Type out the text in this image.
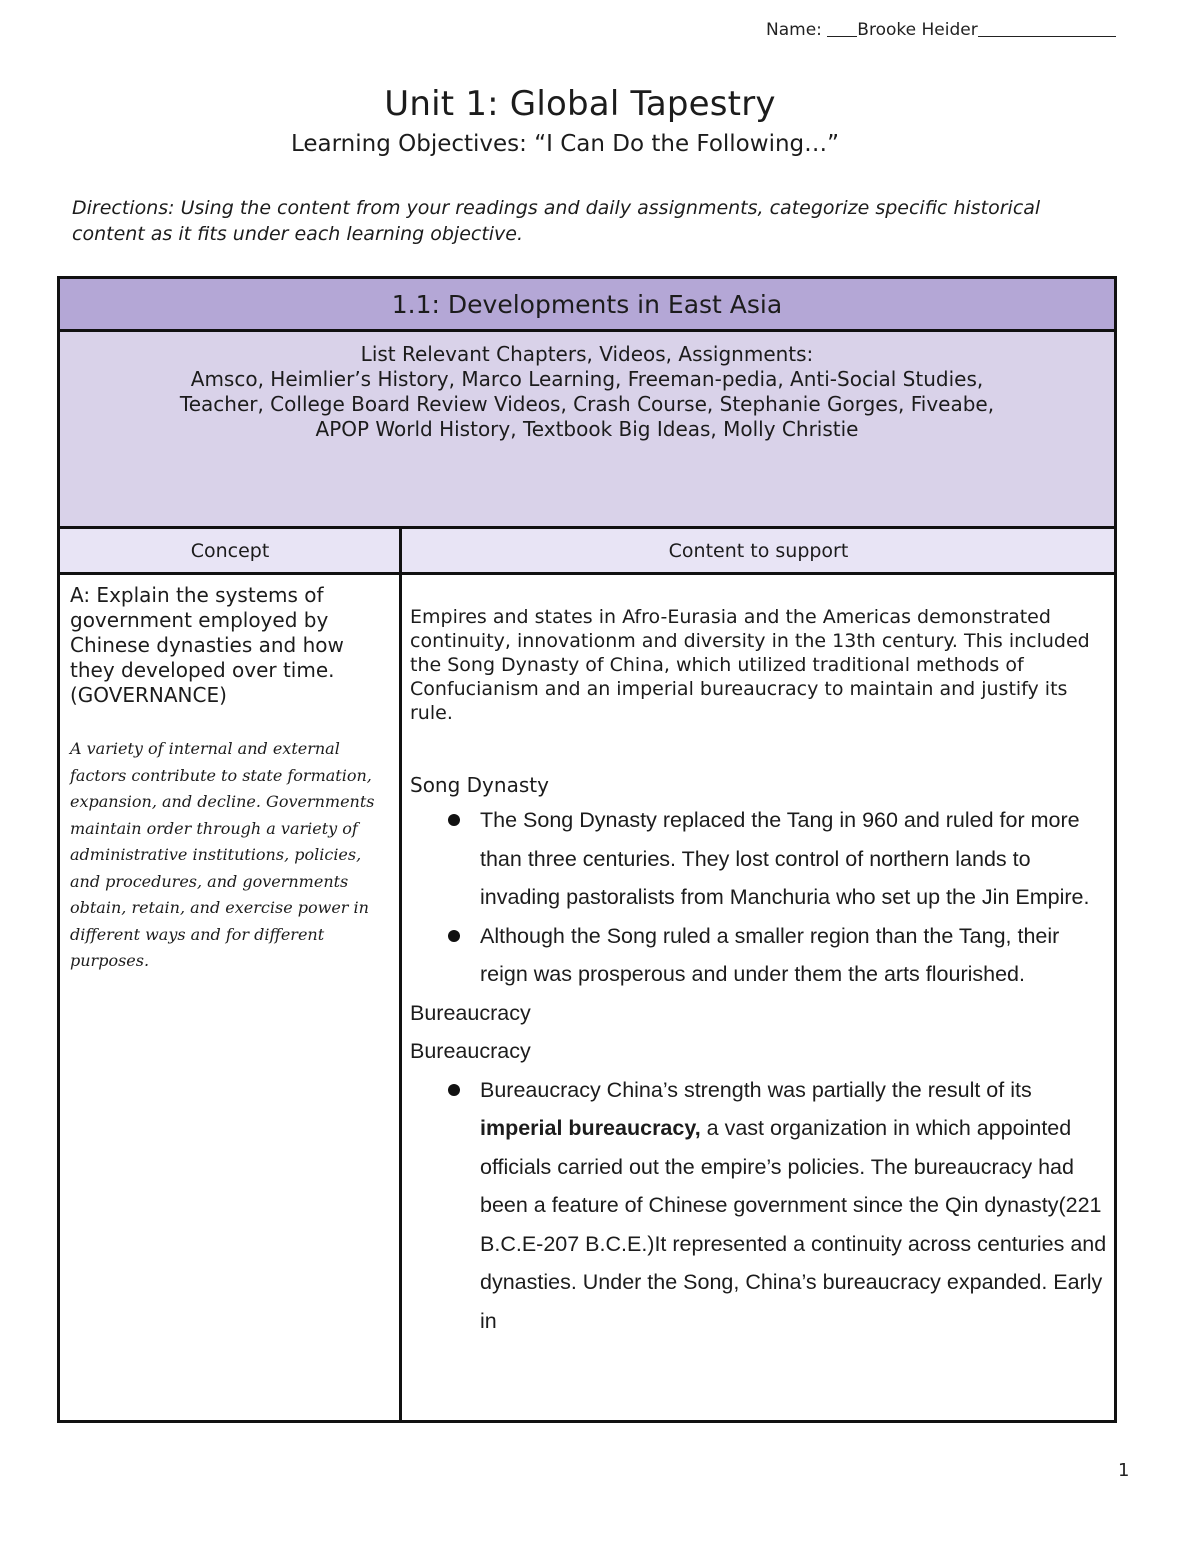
Name: Brooke Heider
Unit 1: Global Tapestry
Learning Objectives: “I Can Do the Following…”
Directions: Using the content from your readings and daily assignments, categorize specific historical content as it fits under each learning objective.
1.1: Developments in East Asia
List Relevant Chapters, Videos, Assignments:
Amsco, Heimlier’s History, Marco Learning, Freeman-pedia, Anti-Social Studies,
Teacher, College Board Review Videos, Crash Course, Stephanie Gorges, Fiveabe,
APOP World History, Textbook Big Ideas, Molly Christie
Concept	Content to support
A: Explain the systems of government employed by Chinese dynasties and how they developed over time. (GOVERNANCE)
A variety of internal and external factors contribute to state formation, expansion, and decline. Governments maintain order through a variety of administrative institutions, policies, and procedures, and governments obtain, retain, and exercise power in different ways and for different purposes.
Empires and states in Afro-Eurasia and the Americas demonstrated continuity, innovationm and diversity in the 13th century. This included the Song Dynasty of China, which utilized traditional methods of Confucianism and an imperial bureaucracy to maintain and justify its rule.
Song Dynasty
The Song Dynasty replaced the Tang in 960 and ruled for more than three centuries. They lost control of northern lands to invading pastoralists from Manchuria who set up the Jin Empire.
Although the Song ruled a smaller region than the Tang, their reign was prosperous and under them the arts flourished.
Bureaucracy
Bureaucracy
Bureaucracy China’s strength was partially the result of its imperial bureaucracy, a vast organization in which appointed officials carried out the empire’s policies. The bureaucracy had been a feature of Chinese government since the Qin dynasty(221 B.C.E-207 B.C.E.)It represented a continuity across centuries and dynasties. Under the Song, China’s bureaucracy expanded. Early in
1
